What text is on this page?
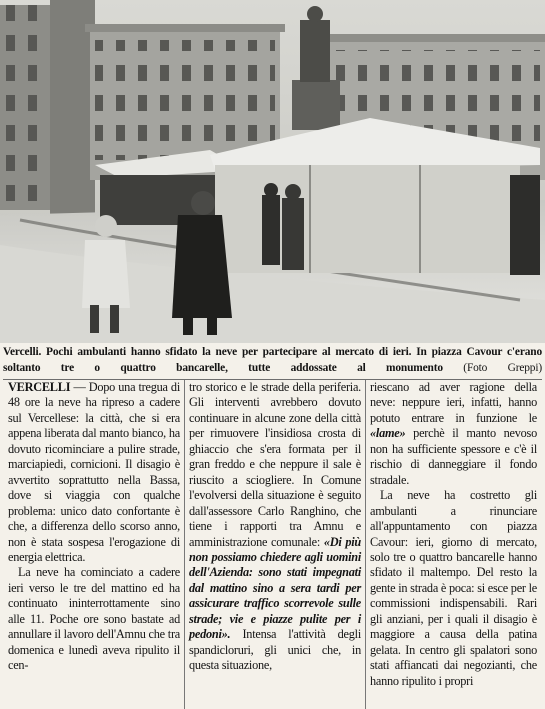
Vercelli. Pochi ambulanti hanno sfidato la neve per partecipare al mercato di ieri. In piazza Cavour c'erano soltanto tre o quattro bancarelle, tutte addossate al monumento (Foto Greppi)

VERCELLI — Dopo una tregua di 48 ore la neve ha ripreso a cadere sul Vercellese: la città, che si era appena liberata dal manto bianco, ha dovuto ricominciare a pulire strade, marciapiedi, cornicioni. Il disagio è avvertito soprattutto nella Bassa, dove si viaggia con qualche problema: unico dato confortante è che, a differenza dello scorso anno, non è stata sospesa l'erogazione di energia elettrica.

La neve ha cominciato a cadere ieri verso le tre del mattino ed ha continuato ininterrottamente sino alle 11. Poche ore sono bastate ad annullare il lavoro dell'Amnu che tra domenica e lunedì aveva ripulito il cen-

tro storico e le strade della periferia. Gli interventi avrebbero dovuto continuare in alcune zone della città per rimuovere l'insidiosa crosta di ghiaccio che s'era formata per il gran freddo e che neppure il sale è riuscito a sciogliere. In Comune l'evolversi della situazione è seguito dall'assessore Carlo Ranghino, che tiene i rapporti tra Amnu e amministrazione comunale: «Di più non possiamo chiedere agli uomini dell'Azienda: sono stati impegnati dal mattino sino a sera tardi per assicurare traffico scorrevole sulle strade; vie e piazze pulite per i pedoni». Intensa l'attività degli spandicloruri, gli unici che, in questa situazione,

riescano ad aver ragione della neve: neppure ieri, infatti, hanno potuto entrare in funzione le «lame» perchè il manto nevoso non ha sufficiente spessore e c'è il rischio di danneggiare il fondo stradale.

La neve ha costretto gli ambulanti a rinunciare all'appuntamento con piazza Cavour: ieri, giorno di mercato, solo tre o quattro bancarelle hanno sfidato il maltempo. Del resto la gente in strada è poca: si esce per le commissioni indispensabili. Rari gli anziani, per i quali il disagio è maggiore a causa della patina gelata. In centro gli spalatori sono stati affiancati dai negozianti, che hanno ripulito i propri
